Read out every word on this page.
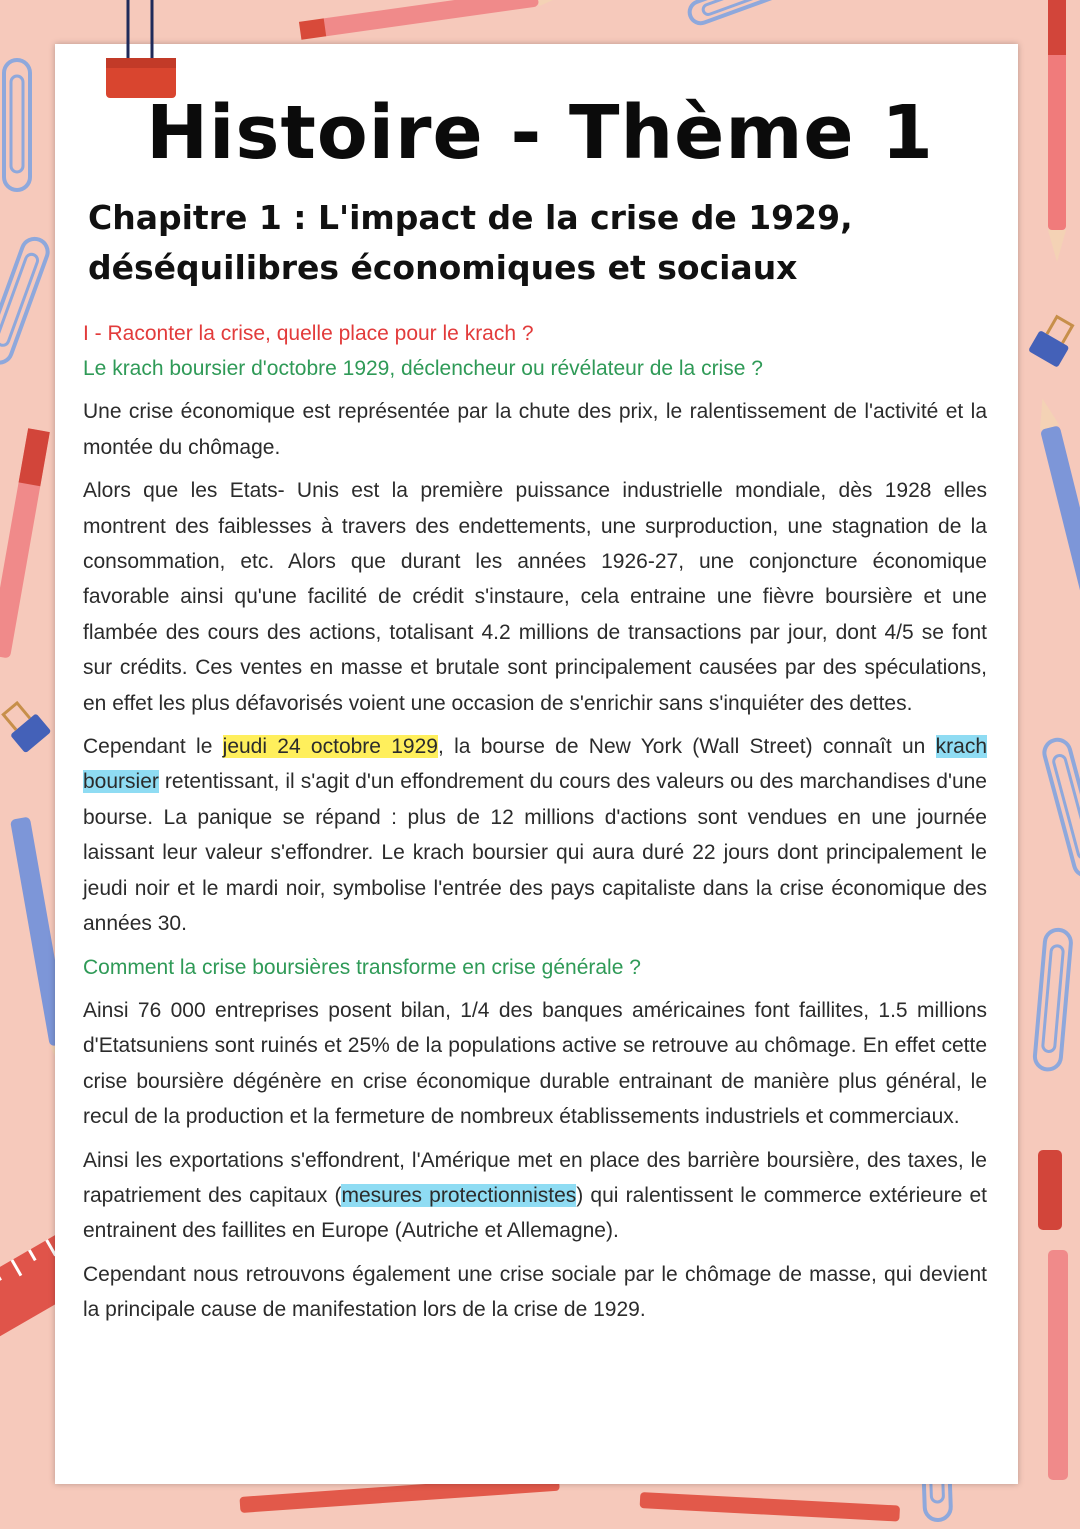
Histoire - Thème 1
Chapitre 1 : L'impact de la crise de 1929, déséquilibres économiques et sociaux

I - Raconter la crise, quelle place pour le krach ?

Le krach boursier d'octobre 1929, déclencheur ou révélateur de la crise ?

Une crise économique est représentée par la chute des prix, le ralentissement de l'activité et la montée du chômage.

Alors que les Etats- Unis est la première puissance industrielle mondiale, dès 1928 elles montrent des faiblesses à travers des endettements, une surproduction, une stagnation de la consommation, etc. Alors que durant les années 1926-27, une conjoncture économique favorable ainsi qu'une facilité de crédit s'instaure, cela entraine une fièvre boursière et une flambée des cours des actions, totalisant 4.2 millions de transactions par jour, dont 4/5 se font sur crédits. Ces ventes en masse et brutale sont principalement causées par des spéculations, en effet les plus défavorisés voient une occasion de s'enrichir sans s'inquiéter des dettes.

Cependant le jeudi 24 octobre 1929, la bourse de New York (Wall Street) connaît un krach boursier retentissant, il s'agit d'un effondrement du cours des valeurs ou des marchandises d'une bourse. La panique se répand : plus de 12 millions d'actions sont vendues en une journée laissant leur valeur s'effondrer. Le krach boursier qui aura duré 22 jours dont principalement le jeudi noir et le mardi noir, symbolise l'entrée des pays capitaliste dans la crise économique des années 30.

Comment la crise boursières transforme en crise générale ?

Ainsi 76 000 entreprises posent bilan, 1/4 des banques américaines font faillites, 1.5 millions d'Etatsuniens sont ruinés et 25% de la populations active se retrouve au chômage. En effet cette crise boursière dégénère en crise économique durable entrainant de manière plus général, le recul de la production et la fermeture de nombreux établissements industriels et commerciaux.

Ainsi les exportations s'effondrent, l'Amérique met en place des barrière boursière, des taxes, le rapatriement des capitaux (mesures protectionnistes) qui ralentissent le commerce extérieure et entrainent des faillites en Europe (Autriche et Allemagne).

Cependant nous retrouvons également une crise sociale par le chômage de masse, qui devient la principale cause de manifestation lors de la crise de 1929.
